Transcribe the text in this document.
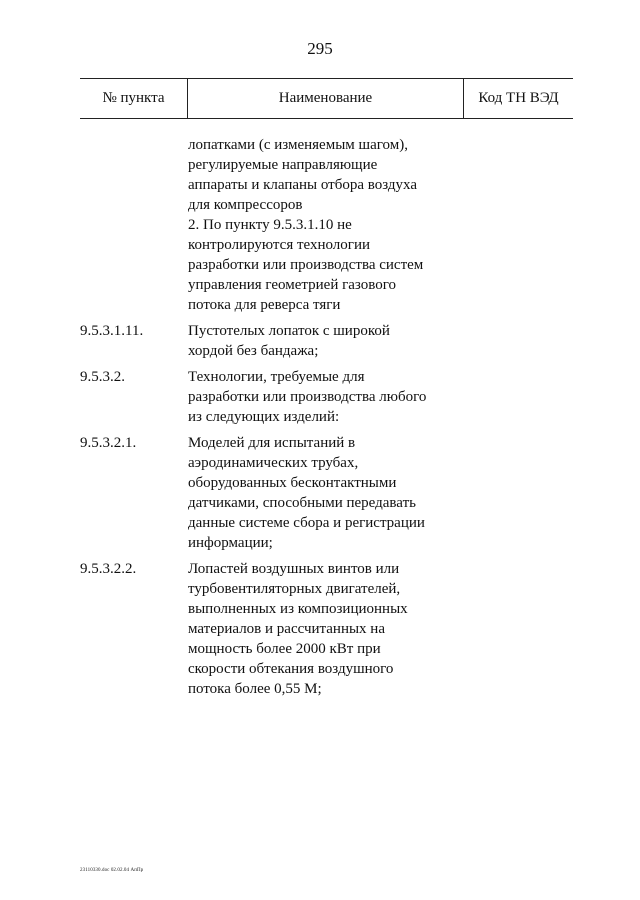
295
№ пункта	Наименование	Код ТН ВЭД
лопатками (с изменяемым шагом),
регулируемые направляющие
аппараты и клапаны отбора воздуха
для компрессоров
2. По пункту 9.5.3.1.10 не
контролируются технологии
разработки или производства систем
управления геометрией газового
потока для реверса тяги
9.5.3.1.11.	Пустотелых лопаток с широкой
хордой без бандажа;
9.5.3.2.	Технологии, требуемые для
разработки или производства любого
из следующих изделий:
9.5.3.2.1.	Моделей для испытаний в
аэродинамических трубах,
оборудованных бесконтактными
датчиками, способными передавать
данные системе сбора и регистрации
информации;
9.5.3.2.2.	Лопастей воздушных винтов или
турбовентиляторных двигателей,
выполненных из композиционных
материалов и рассчитанных на
мощность более 2000 кВт при
скорости обтекания воздушного
потока более 0,55 М;
23110330.doc 02.02.04 АпПр
